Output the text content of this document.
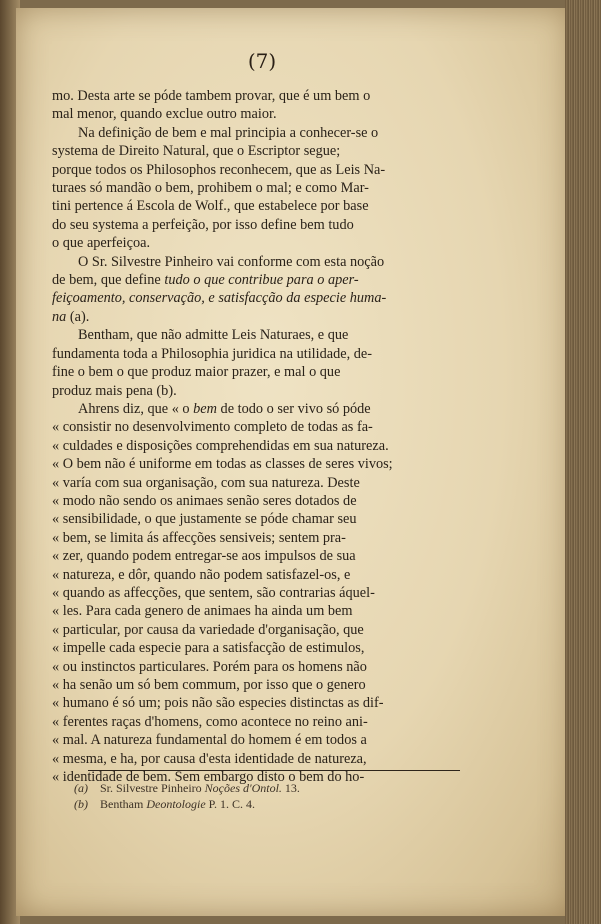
(7)
mo. Desta arte se póde tambem provar, que é um bem o
mal menor, quando exclue outro maior.
Na definição de bem e mal principia a conhecer-se o
systema de Direito Natural, que o Escriptor segue;
porque todos os Philosophos reconhecem, que as Leis Na-
turaes só mandão o bem, prohibem o mal; e como Mar-
tini pertence á Escola de Wolf., que estabelece por base
do seu systema a perfeição, por isso define bem tudo
o que aperfeiçoa.
O Sr. Silvestre Pinheiro vai conforme com esta noção
de bem, que define tudo o que contribue para o aper-
feiçoamento, conservação, e satisfacção da especie huma-
na (a).
Bentham, que não admitte Leis Naturaes, e que
fundamenta toda a Philosophia juridica na utilidade, de-
fine o bem o que produz maior prazer, e mal o que
produz mais pena (b).
Ahrens diz, que « o bem de todo o ser vivo só póde
« consistir no desenvolvimento completo de todas as fa-
« culdades e disposições comprehendidas em sua natureza.
« O bem não é uniforme em todas as classes de seres vivos;
« varía com sua organisação, com sua natureza. Deste
« modo não sendo os animaes senão seres dotados de
« sensibilidade, o que justamente se póde chamar seu
« bem, se limita ás affecções sensiveis; sentem pra-
« zer, quando podem entregar-se aos impulsos de sua
« natureza, e dôr, quando não podem satisfazel-os, e
« quando as affecções, que sentem, são contrarias áquel-
« les. Para cada genero de animaes ha ainda um bem
« particular, por causa da variedade d'organisação, que
« impelle cada especie para a satisfacção de estimulos,
« ou instinctos particulares. Porém para os homens não
« ha senão um só bem commum, por isso que o genero
« humano é só um; pois não são especies distinctas as dif-
« ferentes raças d'homens, como acontece no reino ani-
« mal. A natureza fundamental do homem é em todos a
« mesma, e ha, por causa d'esta identidade de natureza,
« identidade de bem. Sem embargo disto o bem do ho-
(a) Sr. Silvestre Pinheiro Noções d'Ontol. 13.
(b) Bentham Deontologie P. 1. C. 4.
